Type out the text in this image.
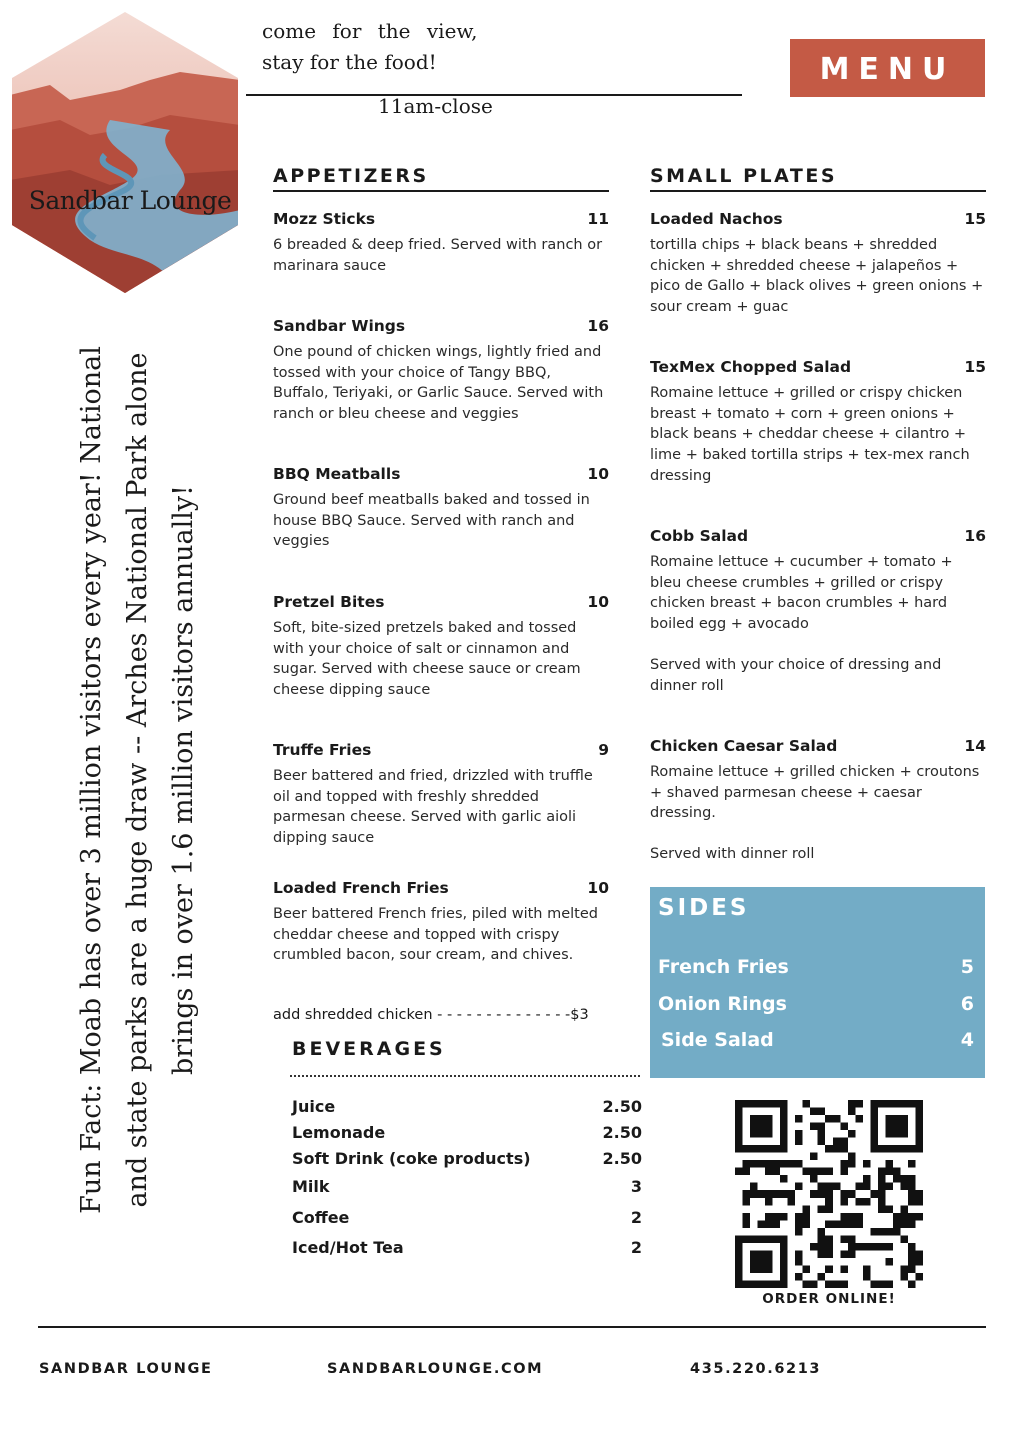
Sandbar Lounge
come for the view,
stay for the food!
11am-close
MENU
Fun Fact: Moab has over 3 million visitors every year! National and state parks are a huge draw -- Arches National Park alone brings in over 1.6 million visitors annually!
APPETIZERS
Mozz Sticks	11
6 breaded & deep fried. Served with ranch or marinara sauce
Sandbar Wings	16
One pound of chicken wings, lightly fried and tossed with your choice of Tangy BBQ, Buffalo, Teriyaki, or Garlic Sauce. Served with ranch or bleu cheese and veggies
BBQ Meatballs	10
Ground beef meatballs baked and tossed in house BBQ Sauce. Served with ranch and veggies
Pretzel Bites	10
Soft, bite-sized pretzels baked and tossed with your choice of salt or cinnamon and sugar. Served with cheese sauce or cream cheese dipping sauce
Truffe Fries	9
Beer battered and fried, drizzled with truffle oil and topped with freshly shredded parmesan cheese. Served with garlic aioli dipping sauce
Loaded French Fries	10
Beer battered French fries, piled with melted cheddar cheese and topped with crispy crumbled bacon, sour cream, and chives.
add shredded chicken - - - - - - - - - - - - - -$3
SMALL PLATES
Loaded Nachos	15
tortilla chips + black beans + shredded chicken + shredded cheese + jalapeños + pico de Gallo + black olives + green onions + sour cream + guac
TexMex Chopped Salad	15
Romaine lettuce + grilled or crispy chicken breast + tomato + corn + green onions + black beans + cheddar cheese + cilantro + lime + baked tortilla strips + tex-mex ranch dressing
Cobb Salad	16
Romaine lettuce + cucumber + tomato + bleu cheese crumbles + grilled or crispy chicken breast + bacon crumbles + hard boiled egg + avocado
Served with your choice of dressing and dinner roll
Chicken Caesar Salad	14
Romaine lettuce + grilled chicken + croutons + shaved parmesan cheese + caesar dressing.
Served with dinner roll
SIDES
French Fries	5
Onion Rings	6
Side Salad	4
BEVERAGES
Juice	2.50
Lemonade	2.50
Soft Drink (coke products)	2.50
Milk	3
Coffee	2
Iced/Hot Tea	2
ORDER ONLINE!
SANDBAR LOUNGE	SANDBARLOUNGE.COM	435.220.6213
